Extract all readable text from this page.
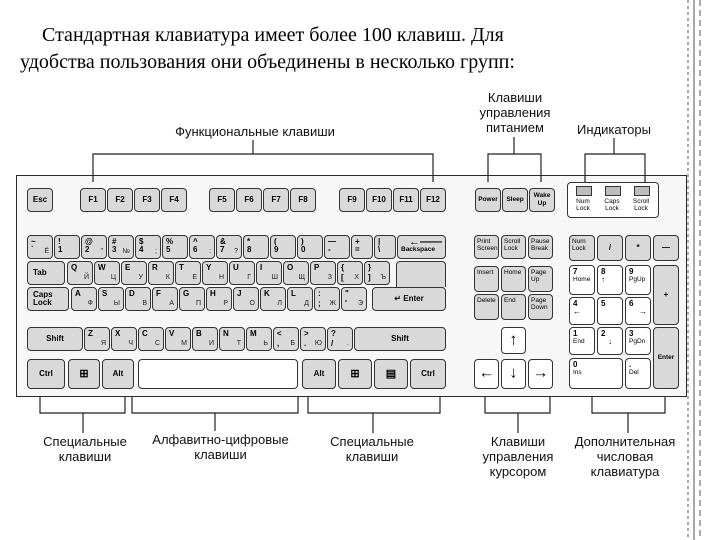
Стандартная клавиатура имеет более 100 клавиш. Для
удобства пользования они объединены в несколько групп:
Функциональные клавиши
Клавиши
управления
питанием	Индикаторы
Специальные
клавиши
Алфавитно-цифровые
клавиши
Специальные
клавиши
Клавиши
управления
курсором
Дополнительная
числовая
клавиатура
Esc	F1	F2	F3	F4	F5	F6	F7	F8	F9	F10	F11	F12	Power	Sleep
Wake Up	Num Lock
Caps Lock
Scroll Lock
~
`	Ё
!
1
@
2	"
#
3 №
$
4	;
%
5
^
6	:
&
7	?
*
8
(
9
)
0
—
-
+
=
|
\
←——
Backspace
Tab
Caps Lock	↵ Enter
Shift	Shift
Ctrl	⊞	Alt	Alt	⊞	▤	Ctrl
Print Screen
Scroll Lock
Pause Break
Insert	Home Page Up
Delete End	Page Down
↑
← ↓ →
Num Lock	/	*	—
7
Home
8
↑
9
PgUp
+
4
←
5	6
→
1
End
2
↓
3
PgDn
Enter
0
Ins
.
Del
Q
Й
W
Ц
E
У
R
К
T
Е
Y
Н
U
Г
I
Ш
O
Щ
P
З
{
[ Х
}
] Ъ
A
Ф
S
Ы
D
В
F
А
G
П
H
Р
J
О
K
Л
L
Д
:
; Ж
"
' Э
Z
Я
X
Ч
C
С
V
М
B
И
N
Т
M
Ь
<
, Б
>
. Ю
?
/ .
